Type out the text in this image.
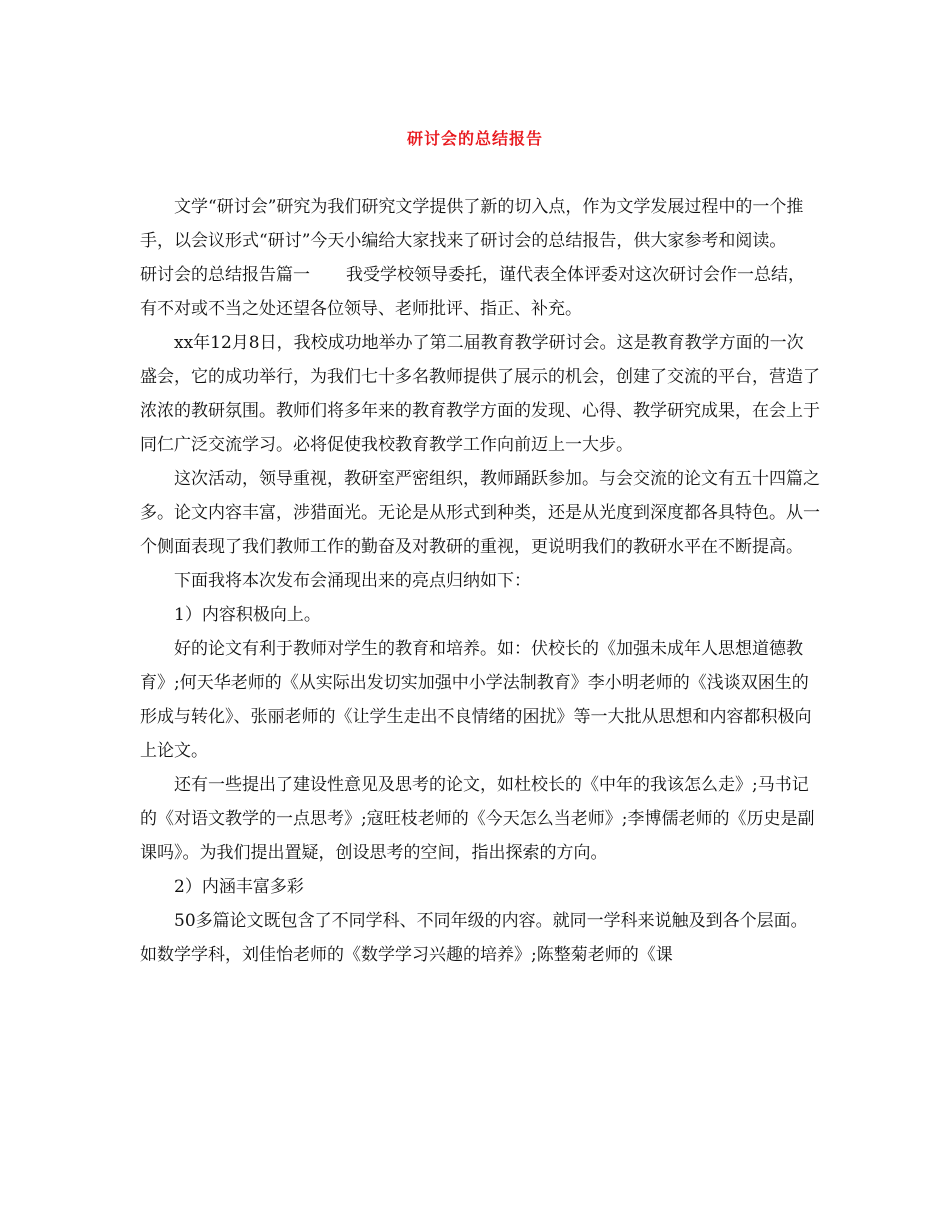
研讨会的总结报告

文学“研讨会”研究为我们研究文学提供了新的切入点，作为文学发展过程中的一个推手，以会议形式“研讨”今天小编给大家找来了研讨会的总结报告，供大家参考和阅读。

研讨会的总结报告篇一 我受学校领导委托，谨代表全体评委对这次研讨会作一总结，有不对或不当之处还望各位领导、老师批评、指正、补充。

xx年12月8日，我校成功地举办了第二届教育教学研讨会。这是教育教学方面的一次盛会，它的成功举行，为我们七十多名教师提供了展示的机会，创建了交流的平台，营造了浓浓的教研氛围。教师们将多年来的教育教学方面的发现、心得、教学研究成果，在会上于同仁广泛交流学习。必将促使我校教育教学工作向前迈上一大步。

这次活动，领导重视，教研室严密组织，教师踊跃参加。与会交流的论文有五十四篇之多。论文内容丰富，涉猎面光。无论是从形式到种类，还是从光度到深度都各具特色。从一个侧面表现了我们教师工作的勤奋及对教研的重视，更说明我们的教研水平在不断提高。

下面我将本次发布会涌现出来的亮点归纳如下：

1）内容积极向上。

好的论文有利于教师对学生的教育和培养。如：伏校长的《加强未成年人思想道德教育》;何天华老师的《从实际出发切实加强中小学法制教育》李小明老师的《浅谈双困生的形成与转化》、张丽老师的《让学生走出不良情绪的困扰》等一大批从思想和内容都积极向上论文。

还有一些提出了建设性意见及思考的论文，如杜校长的《中年的我该怎么走》;马书记的《对语文教学的一点思考》;寇旺枝老师的《今天怎么当老师》;李博儒老师的《历史是副课吗》。为我们提出置疑，创设思考的空间，指出探索的方向。

2）内涵丰富多彩

50多篇论文既包含了不同学科、不同年级的内容。就同一学科来说触及到各个层面。如数学学科，刘佳怡老师的《数学学习兴趣的培养》;陈整菊老师的《课
